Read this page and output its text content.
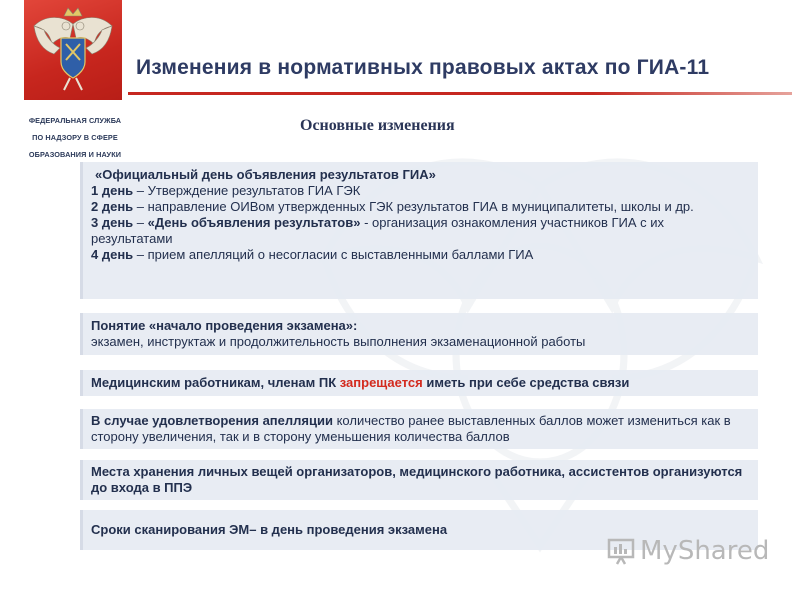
ФЕДЕРАЛЬНАЯ СЛУЖБА
ПО НАДЗОРУ В СФЕРЕ
ОБРАЗОВАНИЯ И НАУКИ
Изменения в нормативных правовых актах по ГИА-11
Основные изменения
«Официальный день объявления результатов ГИА»
1 день – Утверждение результатов ГИА ГЭК
2 день – направление ОИВом утвержденных ГЭК результатов ГИА в муниципалитеты, школы и др.
3 день – «День объявления результатов» - организация ознакомления участников ГИА с их результатами
4 день – прием апелляций о несогласии с выставленными баллами ГИА
Понятие «начало проведения экзамена»:
экзамен, инструктаж и продолжительность выполнения экзаменационной работы
Медицинским работникам, членам ПК запрещается иметь при себе средства связи
В случае удовлетворения апелляции количество ранее выставленных баллов может измениться как в сторону увеличения, так и в сторону уменьшения количества баллов
Места хранения личных вещей организаторов, медицинского работника, ассистентов организуются до входа в ППЭ
Сроки сканирования ЭМ– в день проведения экзамена
MyShared
